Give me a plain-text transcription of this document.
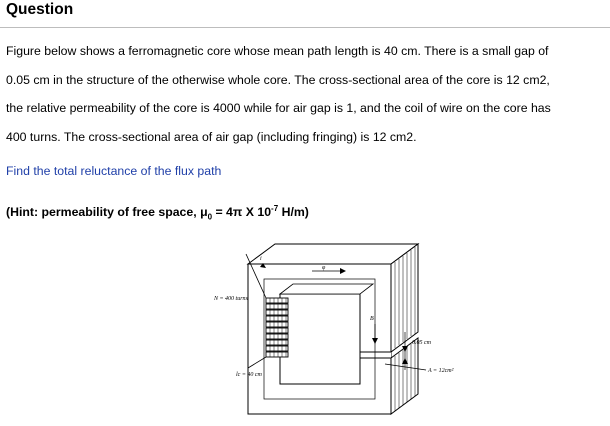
Question

Figure below shows a ferromagnetic core whose mean path length is 40 cm. There is a small gap of
0.05 cm in the structure of the otherwise whole core. The cross-sectional area of the core is 12 cm2,
the relative permeability of the core is 4000 while for air gap is 1, and the coil of wire on the core has
400 turns. The cross-sectional area of air gap (including fringing) is 12 cm2.

Find the total reluctance of the flux path

(Hint: permeability of free space, $\mu_0 = 4\pi$ X $10^{-7}$ H/m)

φ
i
N = 400 turns
lc = 40 cm
B
0.05 cm
A = 12cm²
